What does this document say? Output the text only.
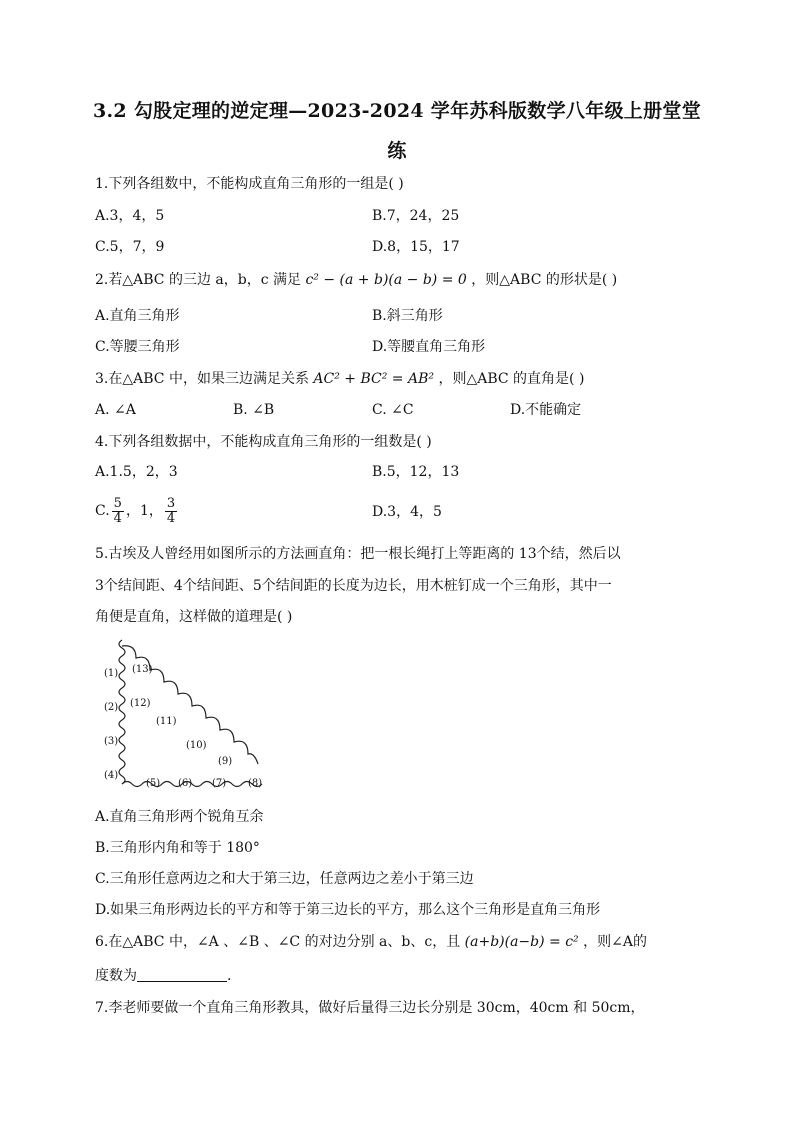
3.2 勾股定理的逆定理—2023-2024 学年苏科版数学八年级上册堂堂
练
1.下列各组数中，不能构成直角三角形的一组是( )
A.3，4，5	B.7，24，25
C.5，7，9	D.8，15，17
2.若△ABC 的三边 a，b，c 满足 c² − (a + b)(a − b) = 0 ，则△ABC 的形状是( )
A.直角三角形	B.斜三角形
C.等腰三角形	D.等腰直角三角形
3.在△ABC 中，如果三边满足关系 AC² + BC² = AB² ，则△ABC 的直角是( )
A. ∠A	B. ∠B	C. ∠C	D.不能确定
4.下列各组数据中，不能构成直角三角形的一组数是( )
A.1.5，2，3	B.5，12，13
C. $\frac{5}{4}$ ，1， $\frac{3}{4}$	D.3，4，5
5.古埃及人曾经用如图所示的方法画直角：把一根长绳打上等距离的 13个结，然后以
3个结间距、4个结间距、5个结间距的长度为边长，用木桩钉成一个三角形，其中一
角便是直角，这样做的道理是( )
(1)
(2)
(3)
(4)
(5) (6) (7) (8)
(9)
(10)
(11)
(12)
(13)
A.直角三角形两个锐角互余
B.三角形内角和等于 180°
C.三角形任意两边之和大于第三边，任意两边之差小于第三边
D.如果三角形两边长的平方和等于第三边长的平方，那么这个三角形是直角三角形
6.在△ABC 中，∠A 、∠B 、∠C 的对边分别 a、b、c，且 (a+b)(a−b) = c² ，则∠A的
度数为	.
7.李老师要做一个直角三角形教具，做好后量得三边长分别是 30cm，40cm 和 50cm，
